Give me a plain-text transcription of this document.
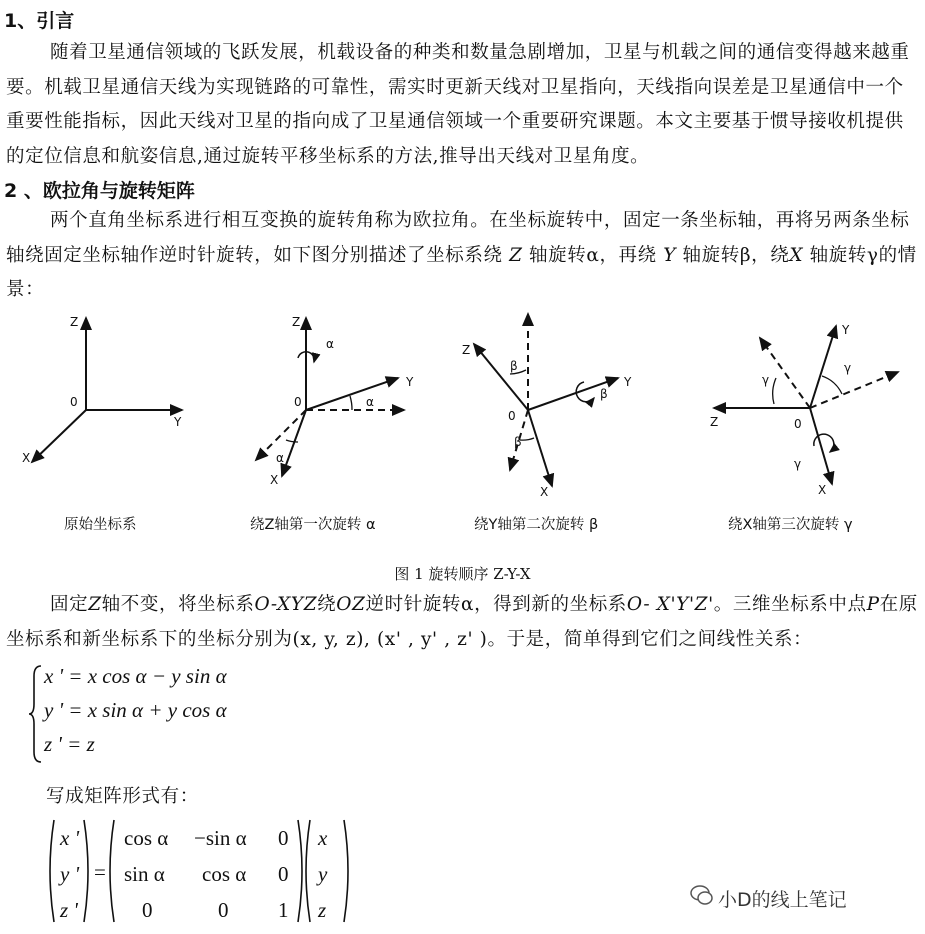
1、引言
随着卫星通信领域的飞跃发展，机载设备的种类和数量急剧增加，卫星与机载之间的通信变得越来越重要。机载卫星通信天线为实现链路的可靠性，需实时更新天线对卫星指向，天线指向误差是卫星通信中一个重要性能指标，因此天线对卫星的指向成了卫星通信领域一个重要研究课题。本文主要基于惯导接收机提供的定位信息和航姿信息,通过旋转平移坐标系的方法,推导出天线对卫星角度。
2 、欧拉角与旋转矩阵
两个直角坐标系进行相互变换的旋转角称为欧拉角。在坐标旋转中，固定一条坐标轴，再将另两条坐标轴绕固定坐标轴作逆时针旋转，如下图分别描述了坐标系绕 Z 轴旋转α，再绕 Y 轴旋转β，绕X 轴旋转γ的情景：
Z
0
Y
X
Z
0
Y
X
α
α
α
Z
0
Y
X
β
β
β
Z	0
Y
X
γ
γ
γ
原始坐标系	绕Z轴第一次旋转 α	绕Y轴第二次旋转 β	绕X轴第三次旋转 γ
图 1 旋转顺序 Z-Y-X
固定Z轴不变，将坐标系O-XYZ绕OZ逆时针旋转α，得到新的坐标系O- X'Y'Z'。三维坐标系中点P在原坐标系和新坐标系下的坐标分别为(x, y, z), (x' , y' , z' )。于是，简单得到它们之间线性关系：
x ' = x cos α − y sin α
y ' = x sin α + y cos α
z ' = z
写成矩阵形式有：
x '
y '
z '
=
cos α −sin α 0
sin α cos α 0
0	0 1
x
y
z	小D的线上笔记
